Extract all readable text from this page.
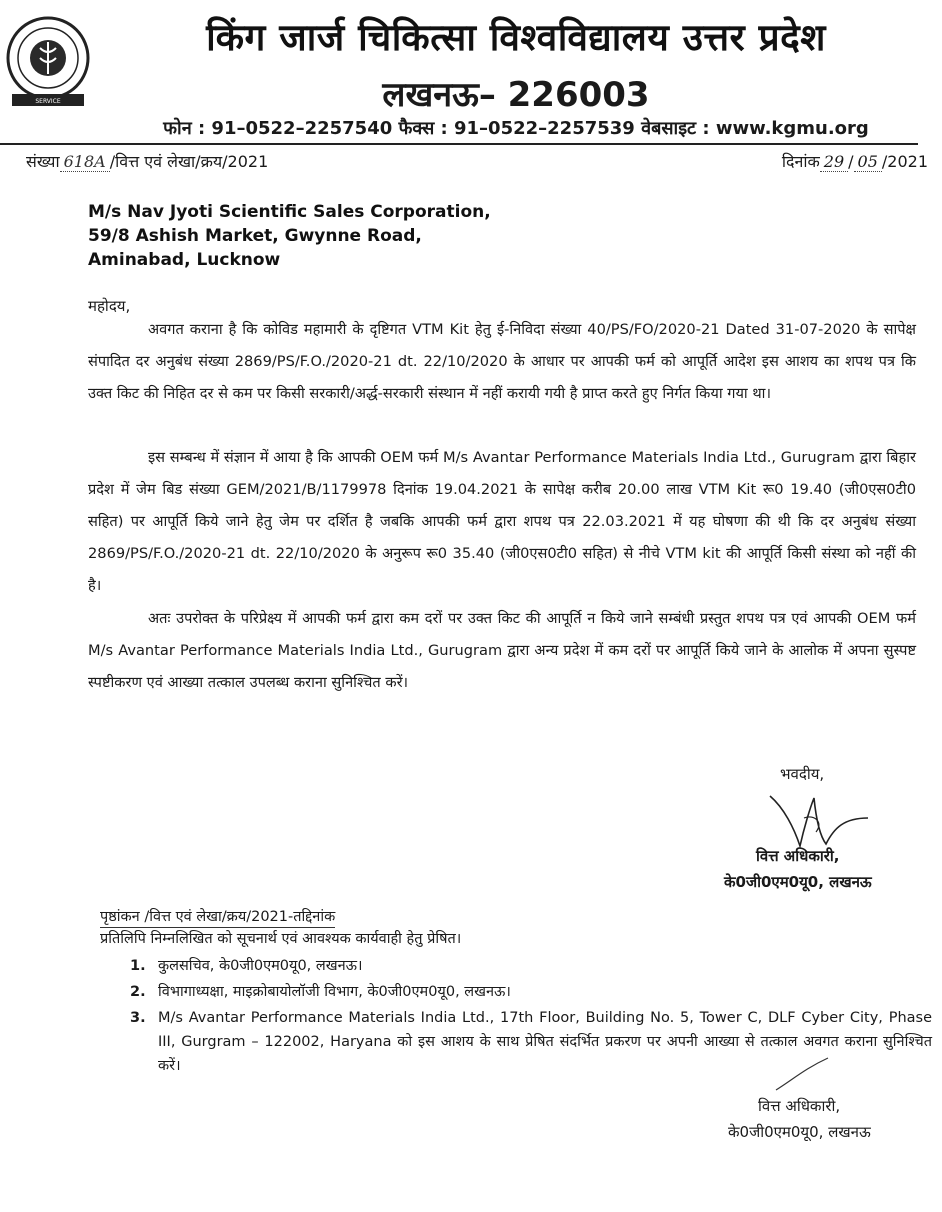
SERVICE
किंग जार्ज चिकित्सा विश्वविद्यालय उत्तर प्रदेश
लखनऊ– 226003
फोन : 91–0522–2257540 फैक्स : 91–0522–2257539 वेबसाइट : www.kgmu.org
संख्या 618A /वित्त एवं लेखा/क्रय/2021	दिनांक 29 / 05 /2021
M/s Nav Jyoti Scientific Sales Corporation,
59/8 Ashish Market, Gwynne Road,
Aminabad, Lucknow
महोदय,

अवगत कराना है कि कोविड महामारी के दृष्टिगत VTM Kit हेतु ई-निविदा संख्या 40/PS/FO/2020-21 Dated 31-07-2020 के सापेक्ष संपादित दर अनुबंध संख्या 2869/PS/F.O./2020-21 dt. 22/10/2020 के आधार पर आपकी फर्म को आपूर्ति आदेश इस आशय का शपथ पत्र कि उक्त किट की निहित दर से कम पर किसी सरकारी/अर्द्ध-सरकारी संस्थान में नहीं करायी गयी है प्राप्त करते हुए निर्गत किया गया था।

इस सम्बन्ध में संज्ञान में आया है कि आपकी OEM फर्म M/s Avantar Performance Materials India Ltd., Gurugram द्वारा बिहार प्रदेश में जेम बिड संख्या GEM/2021/B/1179978 दिनांक 19.04.2021 के सापेक्ष करीब 20.00 लाख VTM Kit रू0 19.40 (जी0एस0टी0 सहित) पर आपूर्ति किये जाने हेतु जेम पर दर्शित है जबकि आपकी फर्म द्वारा शपथ पत्र 22.03.2021 में यह घोषणा की थी कि दर अनुबंध संख्या 2869/PS/F.O./2020-21 dt. 22/10/2020 के अनुरूप रू0 35.40 (जी0एस0टी0 सहित) से नीचे VTM kit की आपूर्ति किसी संस्था को नहीं की है।

अतः उपरोक्त के परिप्रेक्ष्य में आपकी फर्म द्वारा कम दरों पर उक्त किट की आपूर्ति न किये जाने सम्बंधी प्रस्तुत शपथ पत्र एवं आपकी OEM फर्म M/s Avantar Performance Materials India Ltd., Gurugram द्वारा अन्य प्रदेश में कम दरों पर आपूर्ति किये जाने के आलोक में अपना सुस्पष्ट स्पष्टीकरण एवं आख्या तत्काल उपलब्ध कराना सुनिश्चित करें।

भवदीय,
वित्त अधिकारी,
के0जी0एम0यू0, लखनऊ
पृष्ठांकन /वित्त एवं लेखा/क्रय/2021-तद्दिनांक
प्रतिलिपि निम्नलिखित को सूचनार्थ एवं आवश्यक कार्यवाही हेतु प्रेषित।
1. कुलसचिव, के0जी0एम0यू0, लखनऊ।
2. विभागाध्यक्षा, माइक्रोबायोलॉजी विभाग, के0जी0एम0यू0, लखनऊ।
3. M/s Avantar Performance Materials India Ltd., 17th Floor, Building No. 5, Tower C, DLF Cyber City, Phase III, Gurgram – 122002, Haryana को इस आशय के साथ प्रेषित संदर्भित प्रकरण पर अपनी आख्या से तत्काल अवगत कराना सुनिश्चित करें।
वित्त अधिकारी,
के0जी0एम0यू0, लखनऊ
